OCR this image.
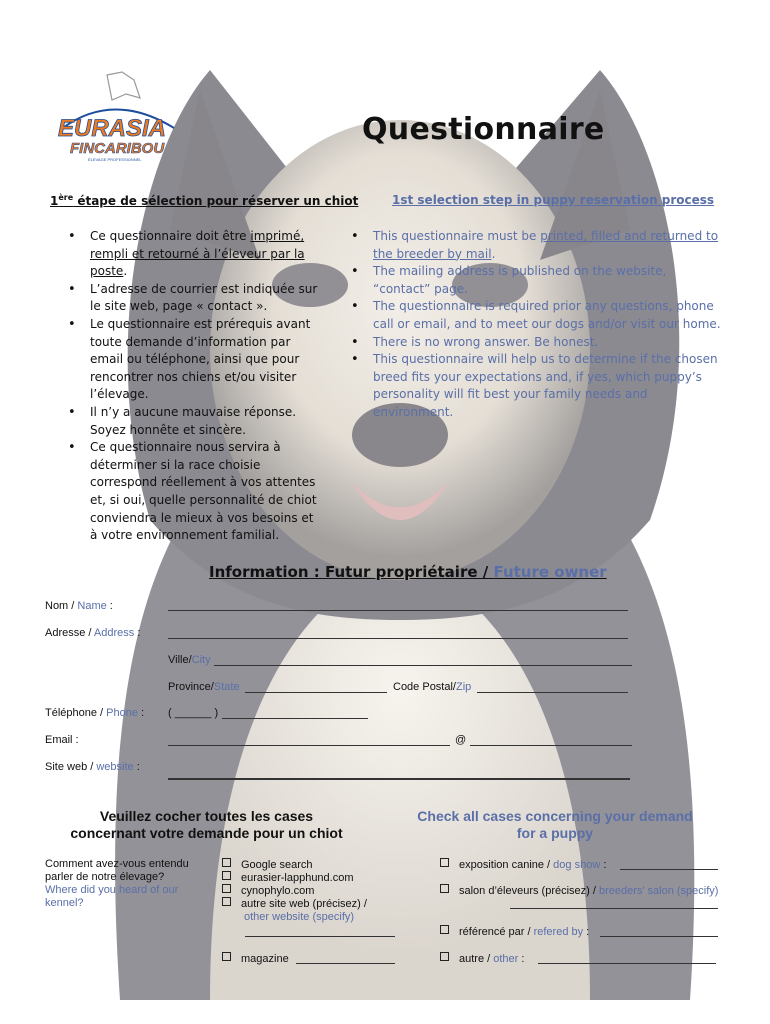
EURASIA
FINCARIBOU
ÉLEVAGE PROFESSIONNEL
Questionnaire
1ère étape de sélection pour réserver un chiot	1st selection step in puppy reservation process
• Ce questionnaire doit être imprimé, rempli et retourné à l’éleveur par la poste.
• L’adresse de courrier est indiquée sur le site web, page « contact ».
• Le questionnaire est prérequis avant toute demande d’information par email ou téléphone, ainsi que pour rencontrer nos chiens et/ou visiter l’élevage.
• Il n’y a aucune mauvaise réponse. Soyez honnête et sincère.
• Ce questionnaire nous servira à déterminer si la race choisie correspond réellement à vos attentes et, si oui, quelle personnalité de chiot conviendra le mieux à vos besoins et à votre environnement familial.
• This questionnaire must be printed, filled and returned to the breeder by mail.
• The mailing address is published on the website, “contact” page.
• The questionnaire is required prior any questions, phone call or email, and to meet our dogs and/or visit our home.
• There is no wrong answer. Be honest.
• This questionnaire will help us to determine if the chosen breed fits your expectations and, if yes, which puppy’s personality will fit best your family needs and environment.
Information : Futur propriétaire / Future owner
Nom / Name :
Adresse / Address :
Ville/City
Province/State	Code Postal/Zip
Téléphone / Phone : ( ______ )
Email :	@
Site web / website :
Veuillez cocher toutes les cases concernant votre demande pour un chiot
Check all cases concerning your demand for a puppy
Comment avez-vous entendu parler de notre élevage?
Where did you heard of our kennel?
Google search
eurasier-lapphund.com
cynophylo.com
autre site web (précisez) /
other website (specify)
magazine
exposition canine / dog show :
salon d’éleveurs (précisez) / breeders’ salon (specify)
référencé par / refered by :
autre / other :
